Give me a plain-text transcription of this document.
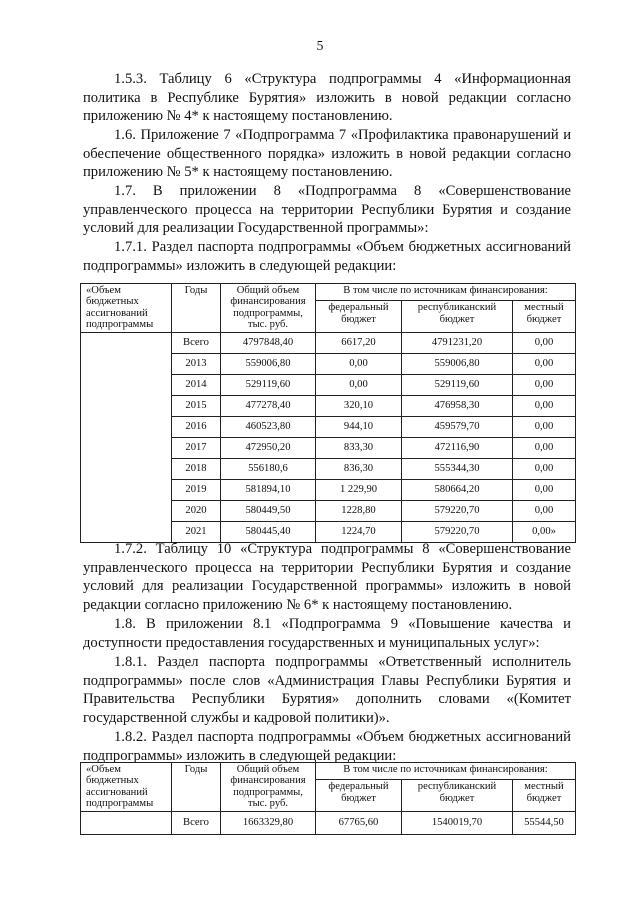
5

1.5.3. Таблицу 6 «Структура подпрограммы 4 «Информационная политика в Республике Бурятия» изложить в новой редакции согласно приложению № 4* к настоящему постановлению.

1.6. Приложение 7 «Подпрограмма 7 «Профилактика правонарушений и обеспечение общественного порядка» изложить в новой редакции согласно приложению № 5* к настоящему постановлению.

1.7. В приложении 8 «Подпрограмма 8 «Совершенствование управленческого процесса на территории Республики Бурятия и создание условий для реализации Государственной программы»:

1.7.1. Раздел паспорта подпрограммы «Объем бюджетных ассигнований подпрограммы» изложить в следующей редакции:

«Объем бюджетных ассигнований подпрограммы	Годы	Общий объем финансирования подпрограммы, тыс. руб.	В том числе по источникам финансирования:		
			федеральный бюджет	республиканский бюджет	местный бюджет
	Всего	4797848,40	6617,20	4791231,20	0,00
	2013	559006,80	0,00	559006,80	0,00
	2014	529119,60	0,00	529119,60	0,00
	2015	477278,40	320,10	476958,30	0,00
	2016	460523,80	944,10	459579,70	0,00
	2017	472950,20	833,30	472116,90	0,00
	2018	556180,6	836,30	555344,30	0,00
	2019	581894,10	1 229,90	580664,20	0,00
	2020	580449,50	1228,80	579220,70	0,00
	2021	580445,40	1224,70	579220,70	0,00»

1.7.2. Таблицу 10 «Структура подпрограммы 8 «Совершенствование управленческого процесса на территории Республики Бурятия и создание условий для реализации Государственной программы» изложить в новой редакции согласно приложению № 6* к настоящему постановлению.

1.8. В приложении 8.1 «Подпрограмма 9 «Повышение качества и доступности предоставления государственных и муниципальных услуг»:

1.8.1. Раздел паспорта подпрограммы «Ответственный исполнитель подпрограммы» после слов «Администрация Главы Республики Бурятия и Правительства Республики Бурятия» дополнить словами «(Комитет государственной службы и кадровой политики)».

1.8.2. Раздел паспорта подпрограммы «Объем бюджетных ассигнований подпрограммы» изложить в следующей редакции:

«Объем бюджетных ассигнований подпрограммы	Годы	Общий объем финансирования подпрограммы, тыс. руб.	В том числе по источникам финансирования:		
			федеральный бюджет	республиканский бюджет	местный бюджет
	Всего	1663329,80	67765,60	1540019,70	55544,50
